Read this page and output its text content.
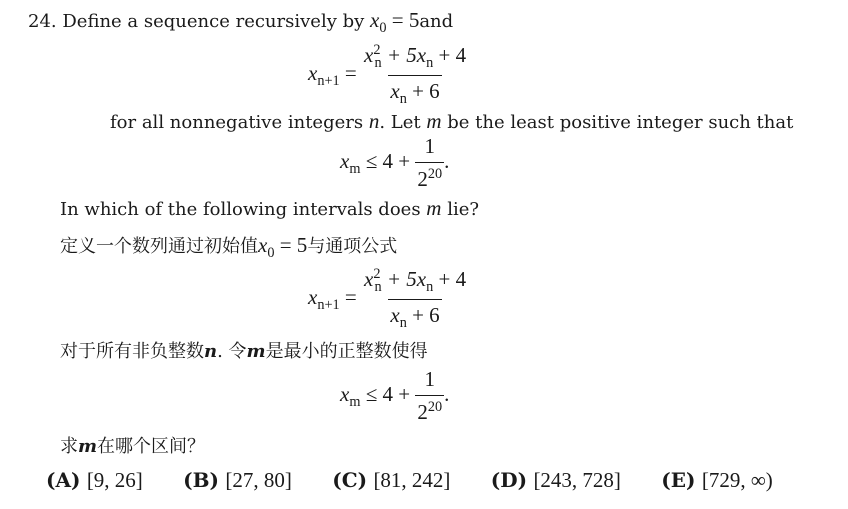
24. Define a sequence recursively by $x_0 = 5and$
$x_{n+1} = \frac{x^2_n + 5x_n + 4}{x_n + 6}$
for all nonnegative integers n. Let m be the least positive integer such that
$x_m \le 4 + \frac{1}{2^{20}}$ .
In which of the following intervals does m lie?
定义一个数列通过初始值$x_0 = 5$与通项公式
$x_{n+1} = \frac{x^2_n + 5x_n + 4}{x_n + 6}$
对于所有非负整数n. 令m是最小的正整数使得
$x_m \le 4 + \frac{1}{2^{20}}$ .
求m在哪个区间？
(A) [9, 26] (B) [27, 80] (C) [81, 242] (D) [243, 728] (E) [729, ∞)
